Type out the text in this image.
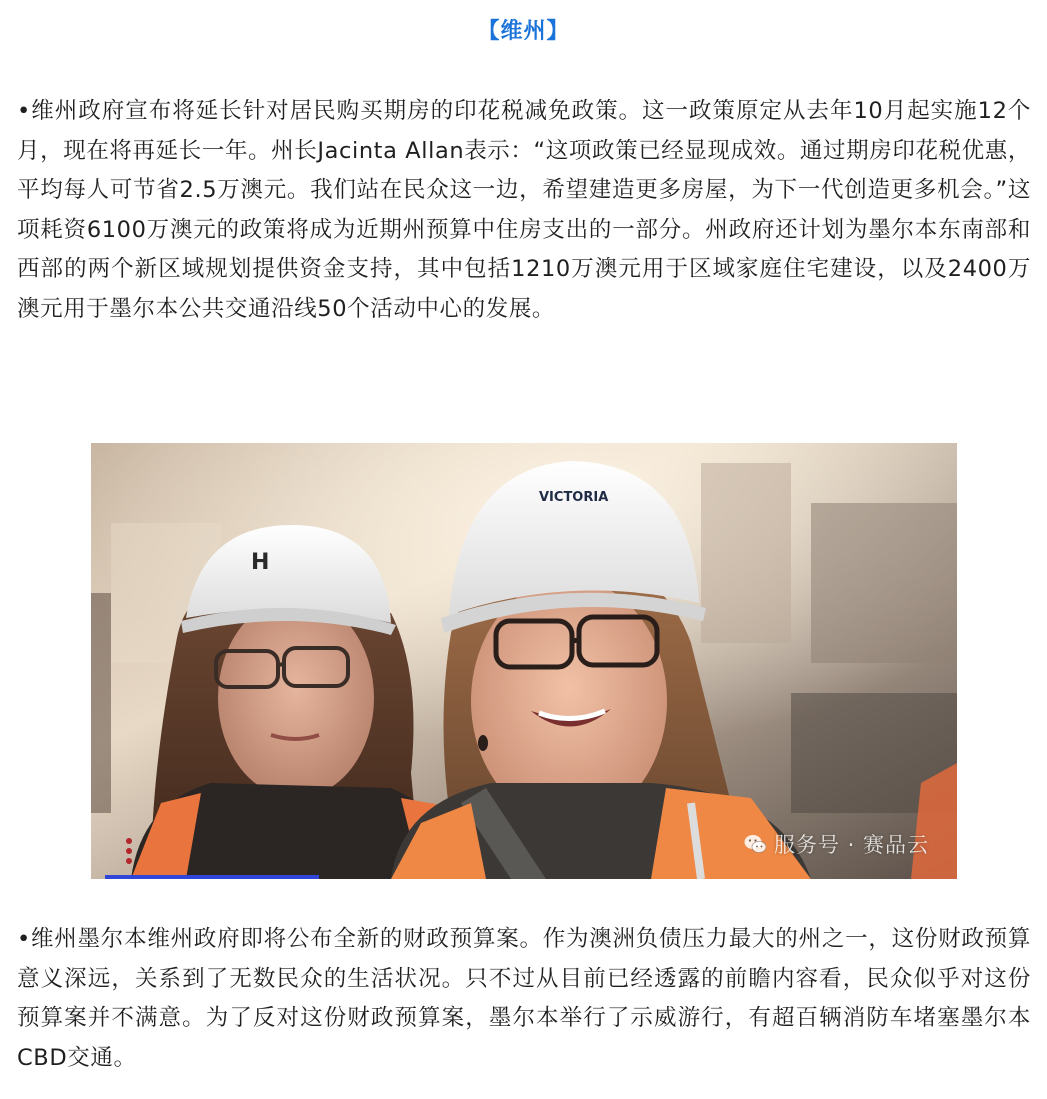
【维州】

•维州政府宣布将延长针对居民购买期房的印花税减免政策。这一政策原定从去年10月起实施12个月，现在将再延长一年。州长Jacinta Allan表示：“这项政策已经显现成效。通过期房印花税优惠，平均每人可节省2.5万澳元。我们站在民众这一边，希望建造更多房屋，为下一代创造更多机会。”这项耗资6100万澳元的政策将成为近期州预算中住房支出的一部分。州政府还计划为墨尔本东南部和西部的两个新区域规划提供资金支持，其中包括1210万澳元用于区域家庭住宅建设，以及2400万澳元用于墨尔本公共交通沿线50个活动中心的发展。

H
VICTORIA
服务号 · 赛品云

•维州墨尔本维州政府即将公布全新的财政预算案。作为澳洲负债压力最大的州之一，这份财政预算意义深远，关系到了无数民众的生活状况。只不过从目前已经透露的前瞻内容看，民众似乎对这份预算案并不满意。为了反对这份财政预算案，墨尔本举行了示威游行，有超百辆消防车堵塞墨尔本CBD交通。
